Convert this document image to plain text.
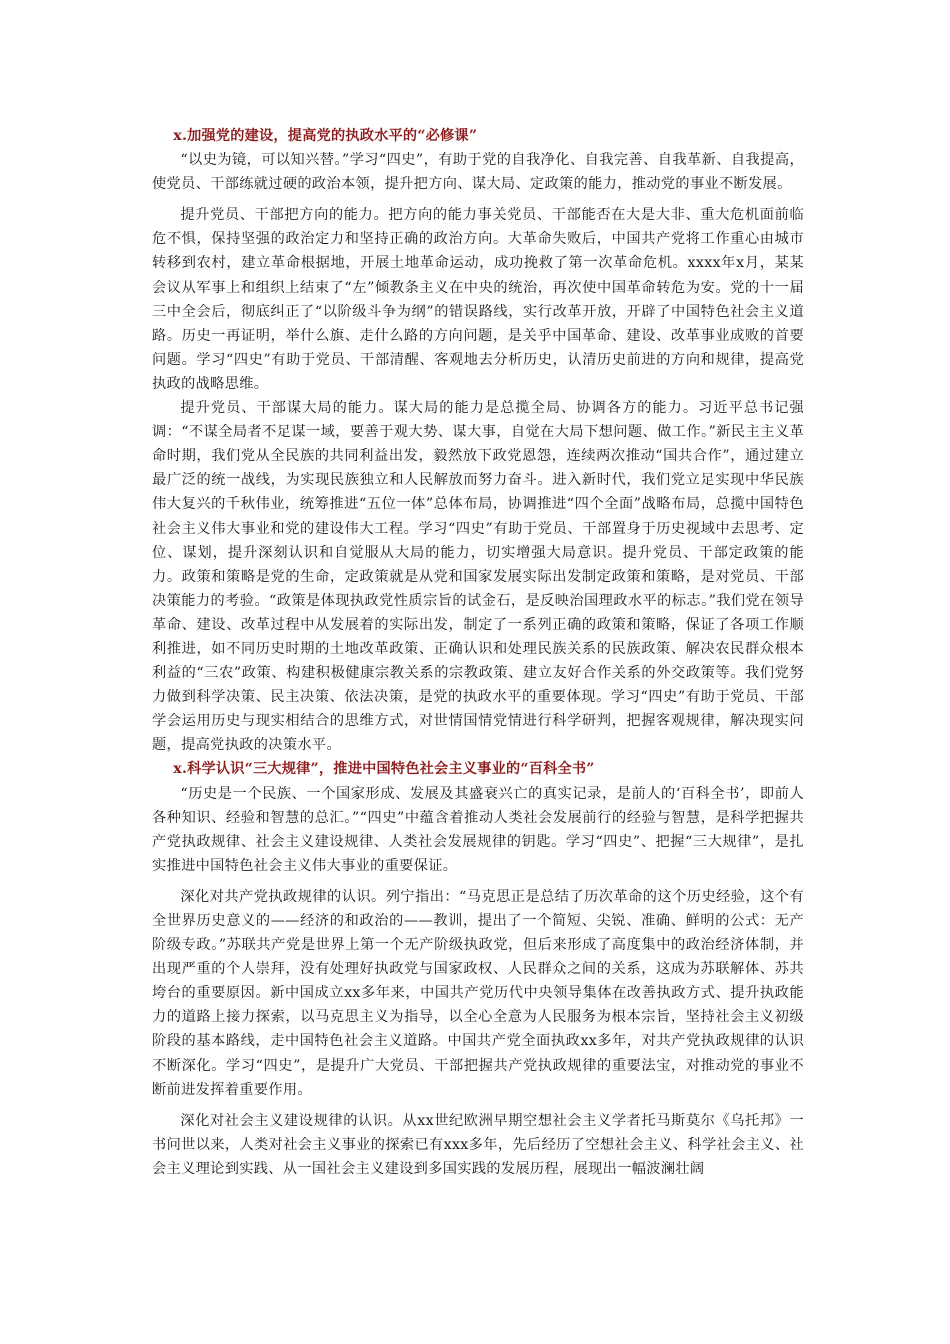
x.加强党的建设，提高党的执政水平的“必修课”

“以史为镜，可以知兴替。”学习“四史”，有助于党的自我净化、自我完善、自我革新、自我提高，使党员、干部练就过硬的政治本领，提升把方向、谋大局、定政策的能力，推动党的事业不断发展。

提升党员、干部把方向的能力。把方向的能力事关党员、干部能否在大是大非、重大危机面前临危不惧，保持坚强的政治定力和坚持正确的政治方向。大革命失败后，中国共产党将工作重心由城市转移到农村，建立革命根据地，开展土地革命运动，成功挽救了第一次革命危机。xxxx年x月，某某会议从军事上和组织上结束了“左”倾教条主义在中央的统治，再次使中国革命转危为安。党的十一届三中全会后，彻底纠正了“以阶级斗争为纲”的错误路线，实行改革开放，开辟了中国特色社会主义道路。历史一再证明，举什么旗、走什么路的方向问题，是关乎中国革命、建设、改革事业成败的首要问题。学习“四史”有助于党员、干部清醒、客观地去分析历史，认清历史前进的方向和规律，提高党执政的战略思维。

提升党员、干部谋大局的能力。谋大局的能力是总揽全局、协调各方的能力。习近平总书记强调：“不谋全局者不足谋一域，要善于观大势、谋大事，自觉在大局下想问题、做工作。”新民主主义革命时期，我们党从全民族的共同利益出发，毅然放下政党恩怨，连续两次推动“国共合作”，通过建立最广泛的统一战线，为实现民族独立和人民解放而努力奋斗。进入新时代，我们党立足实现中华民族伟大复兴的千秋伟业，统筹推进“五位一体”总体布局，协调推进“四个全面”战略布局，总揽中国特色社会主义伟大事业和党的建设伟大工程。学习“四史”有助于党员、干部置身于历史视域中去思考、定位、谋划，提升深刻认识和自觉服从大局的能力，切实增强大局意识。提升党员、干部定政策的能力。政策和策略是党的生命，定政策就是从党和国家发展实际出发制定政策和策略，是对党员、干部决策能力的考验。“政策是体现执政党性质宗旨的试金石，是反映治国理政水平的标志。”我们党在领导革命、建设、改革过程中从发展着的实际出发，制定了一系列正确的政策和策略，保证了各项工作顺利推进，如不同历史时期的土地改革政策、正确认识和处理民族关系的民族政策、解决农民群众根本利益的“三农”政策、构建积极健康宗教关系的宗教政策、建立友好合作关系的外交政策等。我们党努力做到科学决策、民主决策、依法决策，是党的执政水平的重要体现。学习“四史”有助于党员、干部学会运用历史与现实相结合的思维方式，对世情国情党情进行科学研判，把握客观规律，解决现实问题，提高党执政的决策水平。

x.科学认识“三大规律”，推进中国特色社会主义事业的“百科全书”

“历史是一个民族、一个国家形成、发展及其盛衰兴亡的真实记录，是前人的‘百科全书’，即前人各种知识、经验和智慧的总汇。”“四史”中蕴含着推动人类社会发展前行的经验与智慧，是科学把握共产党执政规律、社会主义建设规律、人类社会发展规律的钥匙。学习“四史”、把握“三大规律”，是扎实推进中国特色社会主义伟大事业的重要保证。

深化对共产党执政规律的认识。列宁指出：“马克思正是总结了历次革命的这个历史经验，这个有全世界历史意义的——经济的和政治的——教训，提出了一个简短、尖锐、准确、鲜明的公式：无产阶级专政。”苏联共产党是世界上第一个无产阶级执政党，但后来形成了高度集中的政治经济体制，并出现严重的个人崇拜，没有处理好执政党与国家政权、人民群众之间的关系，这成为苏联解体、苏共垮台的重要原因。新中国成立xx多年来，中国共产党历代中央领导集体在改善执政方式、提升执政能力的道路上接力探索，以马克思主义为指导，以全心全意为人民服务为根本宗旨，坚持社会主义初级阶段的基本路线，走中国特色社会主义道路。中国共产党全面执政xx多年，对共产党执政规律的认识不断深化。学习“四史”，是提升广大党员、干部把握共产党执政规律的重要法宝，对推动党的事业不断前进发挥着重要作用。

深化对社会主义建设规律的认识。从xx世纪欧洲早期空想社会主义学者托马斯莫尔《乌托邦》一书问世以来，人类对社会主义事业的探索已有xxx多年，先后经历了空想社会主义、科学社会主义、社会主义理论到实践、从一国社会主义建设到多国实践的发展历程，展现出一幅波澜壮阔
